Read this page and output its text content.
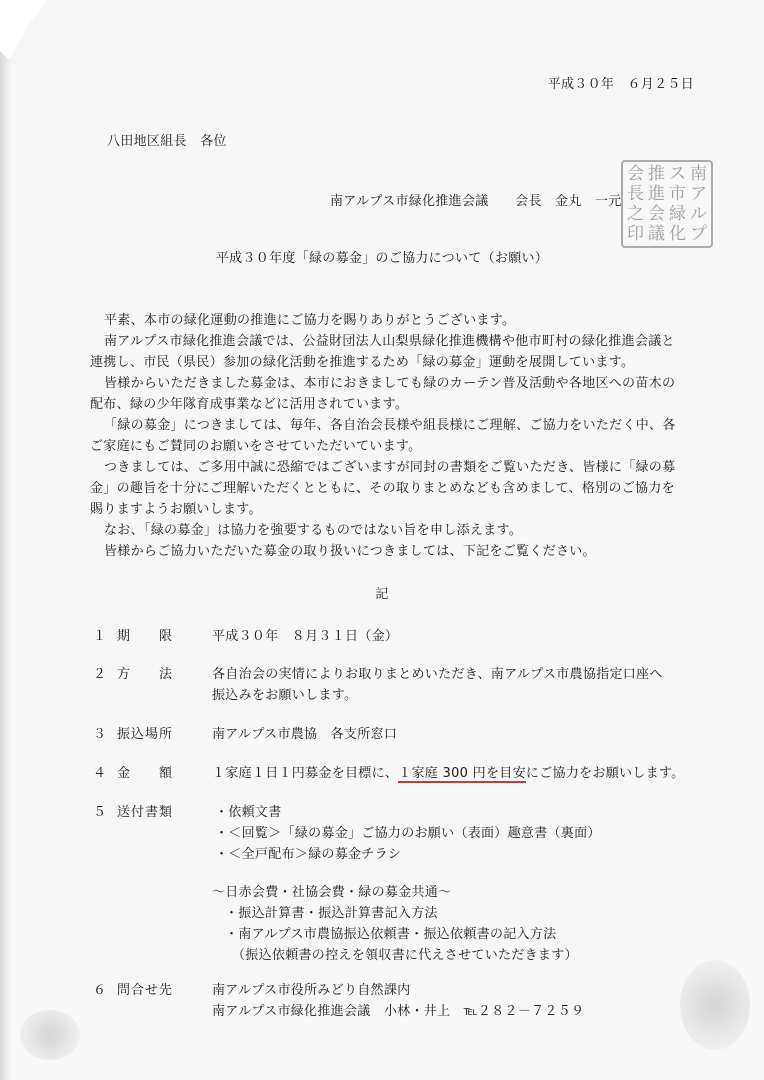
平成３０年　６月２５日
八田地区組長　各位
南アルプス市緑化推進会議　　会長　金丸　一元
会 推 ス 南
長 進 市 ア
之 会 緑 ル
印 議 化 プ
平成３０年度「緑の募金」のご協力について（お願い）
平素、本市の緑化運動の推進にご協力を賜りありがとうございます。
南アルプス市緑化推進会議では、公益財団法人山梨県緑化推進機構や他市町村の緑化推進会議と
連携し、市民（県民）参加の緑化活動を推進するため「緑の募金」運動を展開しています。
皆様からいただきました募金は、本市におきましても緑のカーテン普及活動や各地区への苗木の
配布、緑の少年隊育成事業などに活用されています。
「緑の募金」につきましては、毎年、各自治会長様や組長様にご理解、ご協力をいただく中、各
ご家庭にもご賛同のお願いをさせていただいています。
つきましては、ご多用中誠に恐縮ではございますが同封の書類をご覧いただき、皆様に「緑の募
金」の趣旨を十分にご理解いただくとともに、その取りまとめなども含めまして、格別のご協力を
賜りますようお願いします。
なお、「緑の募金」は協力を強要するものではない旨を申し添えます。
皆様からご協力いただいた募金の取り扱いにつきましては、下記をご覧ください。
記
１ 期　　限	平成３０年　８月３１日（金）
２ 方　　法	各自治会の実情によりお取りまとめいただき、南アルプス市農協指定口座へ
振込みをお願いします。
３ 振込場所	南アルプス市農協　各支所窓口
４ 金　　額	１家庭１日１円募金を目標に、１家庭 300 円を目安にご協力をお願いします。
５ 送付書類	・依頼文書
・＜回覧＞「緑の募金」ご協力のお願い（表面）趣意書（裏面）
・＜全戸配布＞緑の募金チラシ
～日赤会費・社協会費・緑の募金共通～
・振込計算書・振込計算書記入方法
・南アルプス市農協振込依頼書・振込依頼書の記入方法
（振込依頼書の控えを領収書に代えさせていただきます）
６ 問合せ先	南アルプス市役所みどり自然課内
南アルプス市緑化推進会議　小林・井上　℡２８２－７２５９
